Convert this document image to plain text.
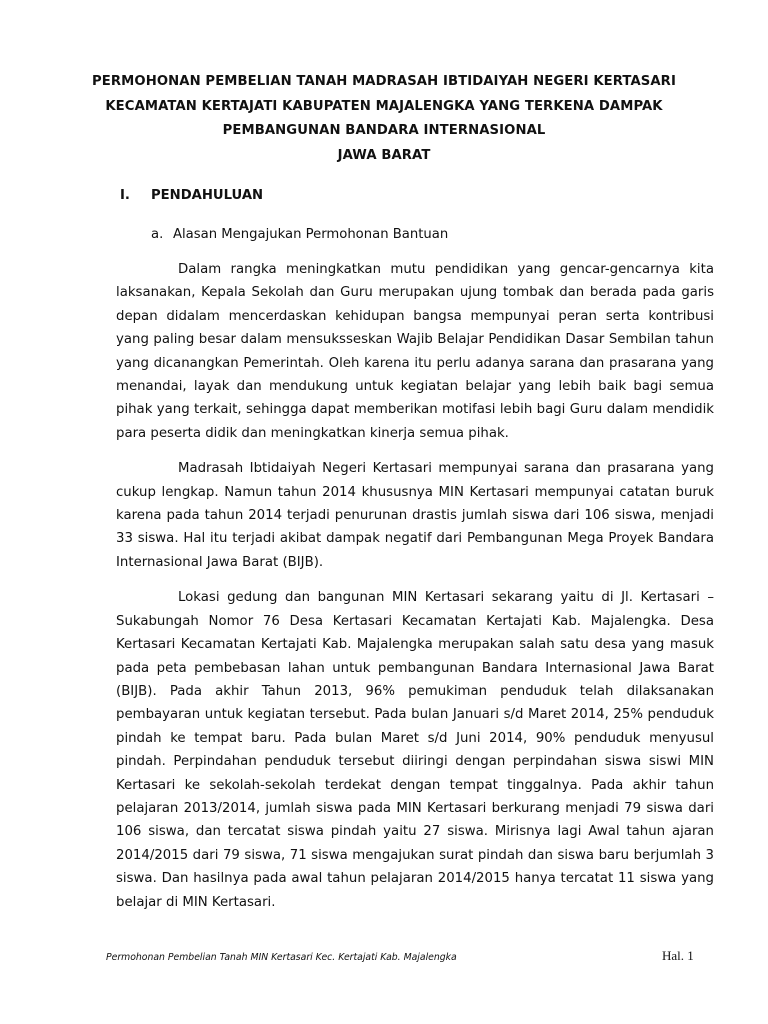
PERMOHONAN PEMBELIAN TANAH MADRASAH IBTIDAIYAH NEGERI KERTASARI
KECAMATAN KERTAJATI KABUPATEN MAJALENGKA YANG TERKENA DAMPAK
PEMBANGUNAN BANDARA INTERNASIONAL
JAWA BARAT
I. PENDAHULUAN
a. Alasan Mengajukan Permohonan Bantuan

Dalam rangka meningkatkan mutu pendidikan yang gencar-gencarnya kita laksanakan, Kepala Sekolah dan Guru merupakan ujung tombak dan berada pada garis depan didalam mencerdaskan kehidupan bangsa mempunyai peran serta kontribusi yang paling besar dalam mensuksseskan Wajib Belajar Pendidikan Dasar Sembilan tahun yang dicanangkan Pemerintah. Oleh karena itu perlu adanya sarana dan prasarana yang menandai, layak dan mendukung untuk kegiatan belajar yang lebih baik bagi semua pihak yang terkait, sehingga dapat memberikan motifasi lebih bagi Guru dalam mendidik para peserta didik dan meningkatkan kinerja semua pihak.

Madrasah Ibtidaiyah Negeri Kertasari mempunyai sarana dan prasarana yang cukup lengkap. Namun tahun 2014 khususnya MIN Kertasari mempunyai catatan buruk karena pada tahun 2014 terjadi penurunan drastis jumlah siswa dari 106 siswa, menjadi 33 siswa. Hal itu terjadi akibat dampak negatif dari Pembangunan Mega Proyek Bandara Internasional Jawa Barat (BIJB).

Lokasi gedung dan bangunan MIN Kertasari sekarang yaitu di Jl. Kertasari – Sukabungah Nomor 76 Desa Kertasari Kecamatan Kertajati Kab. Majalengka. Desa Kertasari Kecamatan Kertajati Kab. Majalengka merupakan salah satu desa yang masuk pada peta pembebasan lahan untuk pembangunan Bandara Internasional Jawa Barat (BIJB). Pada akhir Tahun 2013, 96% pemukiman penduduk telah dilaksanakan pembayaran untuk kegiatan tersebut. Pada bulan Januari s/d Maret 2014, 25% penduduk pindah ke tempat baru. Pada bulan Maret s/d Juni 2014, 90% penduduk menyusul pindah. Perpindahan penduduk tersebut diiringi dengan perpindahan siswa siswi MIN Kertasari ke sekolah-sekolah terdekat dengan tempat tinggalnya. Pada akhir tahun pelajaran 2013/2014, jumlah siswa pada MIN Kertasari berkurang menjadi 79 siswa dari 106 siswa, dan tercatat siswa pindah yaitu 27 siswa. Mirisnya lagi Awal tahun ajaran 2014/2015 dari 79 siswa, 71 siswa mengajukan surat pindah dan siswa baru berjumlah 3 siswa. Dan hasilnya pada awal tahun pelajaran 2014/2015 hanya tercatat 11 siswa yang belajar di MIN Kertasari.

Permohonan Pembelian Tanah MIN Kertasari Kec. Kertajati Kab. Majalengka	Hal. 1
